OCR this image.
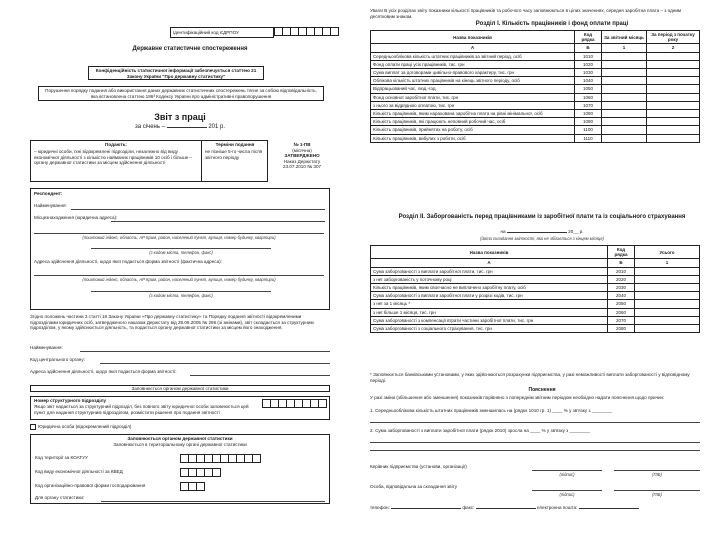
Ідентифікаційний код ЄДРПОУ
Державне статистичне спостереження
Конфіденційність статистичної інформації забезпечується статтею 21 Закону України "Про державну статистику"
Порушення порядку подання або використання даних державних статистичних спостережень тягне за собою відповідальність, яка встановлена статтею 186³ Кодексу України про адміністративні правопорушення
Звіт з праці
за січень –	201 р.
Подають:
– юридичні особи, їхні відокремлені підрозділи, незалежно від виду економічної діяльності з кількістю найманих працівників 10 осіб і більше – органу державної статистики за місцем здійснення діяльності
Терміни подання
не пізніше 5-го числа після звітного періоду
№ 1-ПВ
(місячна)
ЗАТВЕРДЖЕНО
Наказ Держстату
23.07.2010 № 307
Респондент:
Найменування:
Місцезнаходження (юридична адреса):
(поштовий індекс, область, АР Крим, район, населений пункт, вулиця, номер будинку, квартири)
(з кодом міста, телефон, факс)
Адреса здійснення діяльності, щодо якої подається форма звітності (фактична адреса):
(поштовий індекс, область, АР Крим, район, населений пункт, вулиця, номер будинку, квартири)
(з кодом міста, телефон, факс)
Згідно положень частини 3 статті 18 Закону України «Про державну статистику» та Порядку подання звітності відокремленими підрозділами юридичних осіб, затвердженого наказом Держстату від 28.09.2005 № 286 (зі змінами), звіт складається за структурним підрозділом, у якому здійснюється діяльність, та подається органу державної статистики за місцем його знаходження.
Найменування:
Код центрального органу:
Адреса здійснення діяльності, щодо якої подається форма звітності:
Заповнюється органом державної статистики
Номер структурного підрозділу
Якщо звіт надається за структурний підрозділ, без повного звіту юридичної особи заповнюється цей пункт для надання структурним підрозділом, розмістити рішення про подання звітності
Юридична особа (відокремлений підрозділ)
Заповнюється органом державної статистики
Заповнюється в територіальному органі державної статистики
Код території за КОАТУУ
Код виду економічної діяльності за КВЕД
Код організаційно-правової форми господарювання
Для органу статистики:
Увага! В усіх розділах звіту показники кількості працівників та робочого часу заповнюються в цілих значеннях, середня заробітна плата – з одним десятковим знаком.
Розділ I. Кількість працівників і фонд оплати праці
Назва показників	Код рядка	За звітний місяць	За період з початку року
А	Б	1	2
Середньооблікова кількість штатних працівників за звітний період, осіб	1010		
Фонд оплати праці усіх працівників, тис. грн	1020		
Сума виплат за договорами цивільно-правового характеру, тис. грн	1030		
Облікова кількість штатних працівників на кінець звітного періоду, осіб	1040		
Відпрацьований час, люд.-год	1050		
Фонд основної заробітної плати, тис. грн	1060		
з нього за відрядною оплатою, тис. грн	1070		
Кількість працівників, яким нарахована заробітна плата на рівні мінімальної, осіб	1080		
Кількість працівників, які працюють неповний робочий час, осіб	1090		
Кількість працівників, прийнятих на роботу, осіб	1100		
Кількість працівників, вибулих з роботи, осіб	1110		
Розділ II. Заборгованість перед працівниками із заробітної плати та із соціального страхування
на	20__ р.
(дата складання звітності, яка не збігається з кінцем місяця)
Назва показників	Код рядка	Усього
А	Б	1
Сума заборгованості з виплати заробітної плати, тис. грн	2010	
з неї заборгованість у поточному році	2020	
Кількість працівників, яким своєчасно не виплачено заробітну плату, осіб	2030	
Сума заборгованості з виплати заробітної плати у розрізі кодів, тис. грн	2040	
з неї за 1 місяць *	2050	
з неї більше 1 місяця, тис. грн	2060	
Сума заборгованості з компенсації втрати частини заробітної плати, тис. грн	2070	
Сума заборгованості з соціального страхування, тис. грн	2080	
* Заповнюється банківськими установами, у яких здійснюються розрахунки підприємства, у разі неможливості виплати заборгованості у відповідному періоді.
Пояснення
У разі зміни (збільшення або зменшення) показників порівняно з попереднім звітним періодом необхідно надати пояснення щодо причин:
1. Середньооблікова кількість штатних працівників зменшилась на (рядок 1010 гр. 1) ____ % у зв'язку з ________
2. Сума заборгованості з виплати заробітної плати (рядок 2010) зросла на ____ % у зв'язку з ________
Керівник підприємства (установи, організації)
(підпис)	(ПІБ)
Особа, відповідальна за складання звіту
(підпис)	(ПІБ)
телефон:	факс:	електронна пошта:
